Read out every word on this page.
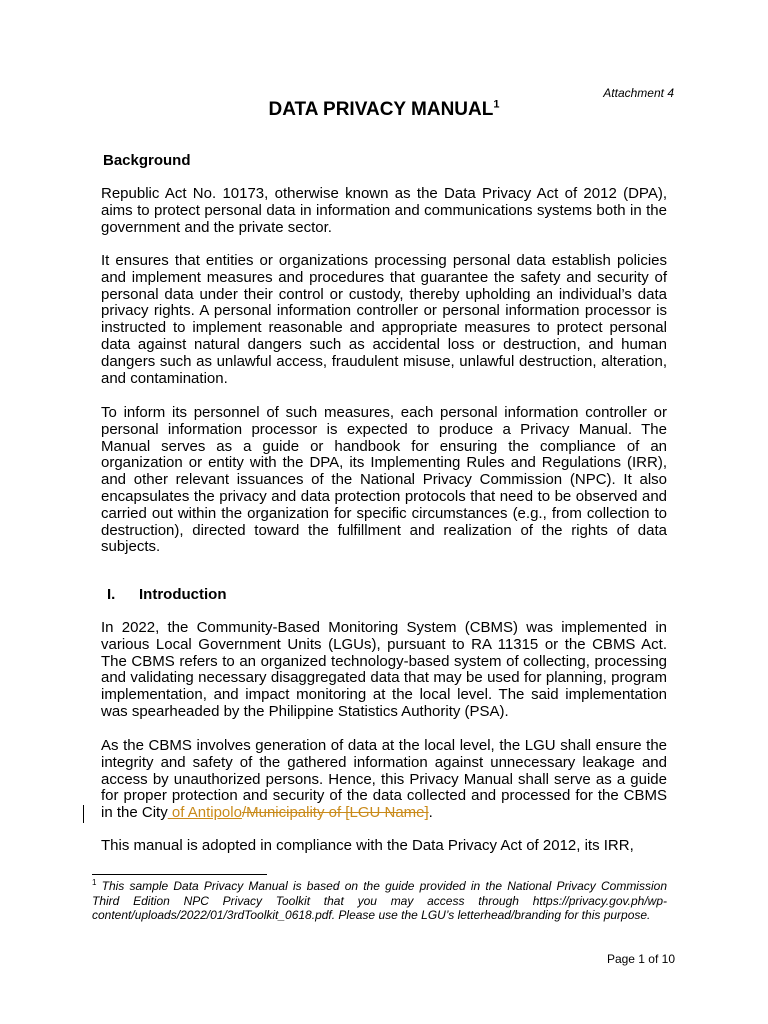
Attachment 4
DATA PRIVACY MANUAL$^1$
Background
Republic Act No. 10173, otherwise known as the Data Privacy Act of 2012 (DPA), aims to protect personal data in information and communications systems both in the government and the private sector.
It ensures that entities or organizations processing personal data establish policies and implement measures and procedures that guarantee the safety and security of personal data under their control or custody, thereby upholding an individual’s data privacy rights. A personal information controller or personal information processor is instructed to implement reasonable and appropriate measures to protect personal data against natural dangers such as accidental loss or destruction, and human dangers such as unlawful access, fraudulent misuse, unlawful destruction, alteration, and contamination.
To inform its personnel of such measures, each personal information controller or personal information processor is expected to produce a Privacy Manual. The Manual serves as a guide or handbook for ensuring the compliance of an organization or entity with the DPA, its Implementing Rules and Regulations (IRR), and other relevant issuances of the National Privacy Commission (NPC). It also encapsulates the privacy and data protection protocols that need to be observed and carried out within the organization for specific circumstances (e.g., from collection to destruction), directed toward the fulfillment and realization of the rights of data subjects.
I. Introduction
In 2022, the Community-Based Monitoring System (CBMS) was implemented in various Local Government Units (LGUs), pursuant to RA 11315 or the CBMS Act. The CBMS refers to an organized technology-based system of collecting, processing and validating necessary disaggregated data that may be used for planning, program implementation, and impact monitoring at the local level. The said implementation was spearheaded by the Philippine Statistics Authority (PSA).
As the CBMS involves generation of data at the local level, the LGU shall ensure the integrity and safety of the gathered information against unnecessary leakage and access by unauthorized persons. Hence, this Privacy Manual shall serve as a guide for proper protection and security of the data collected and processed for the CBMS in the City of Antipolo/Municipality of [LGU Name].
This manual is adopted in compliance with the Data Privacy Act of 2012, its IRR,
$^1$ This sample Data Privacy Manual is based on the guide provided in the National Privacy Commission Third Edition NPC Privacy Toolkit that you may access through https://privacy.gov.ph/wp-content/uploads/2022/01/3rdToolkit_0618.pdf. Please use the LGU’s letterhead/branding for this purpose.
Page 1 of 10
